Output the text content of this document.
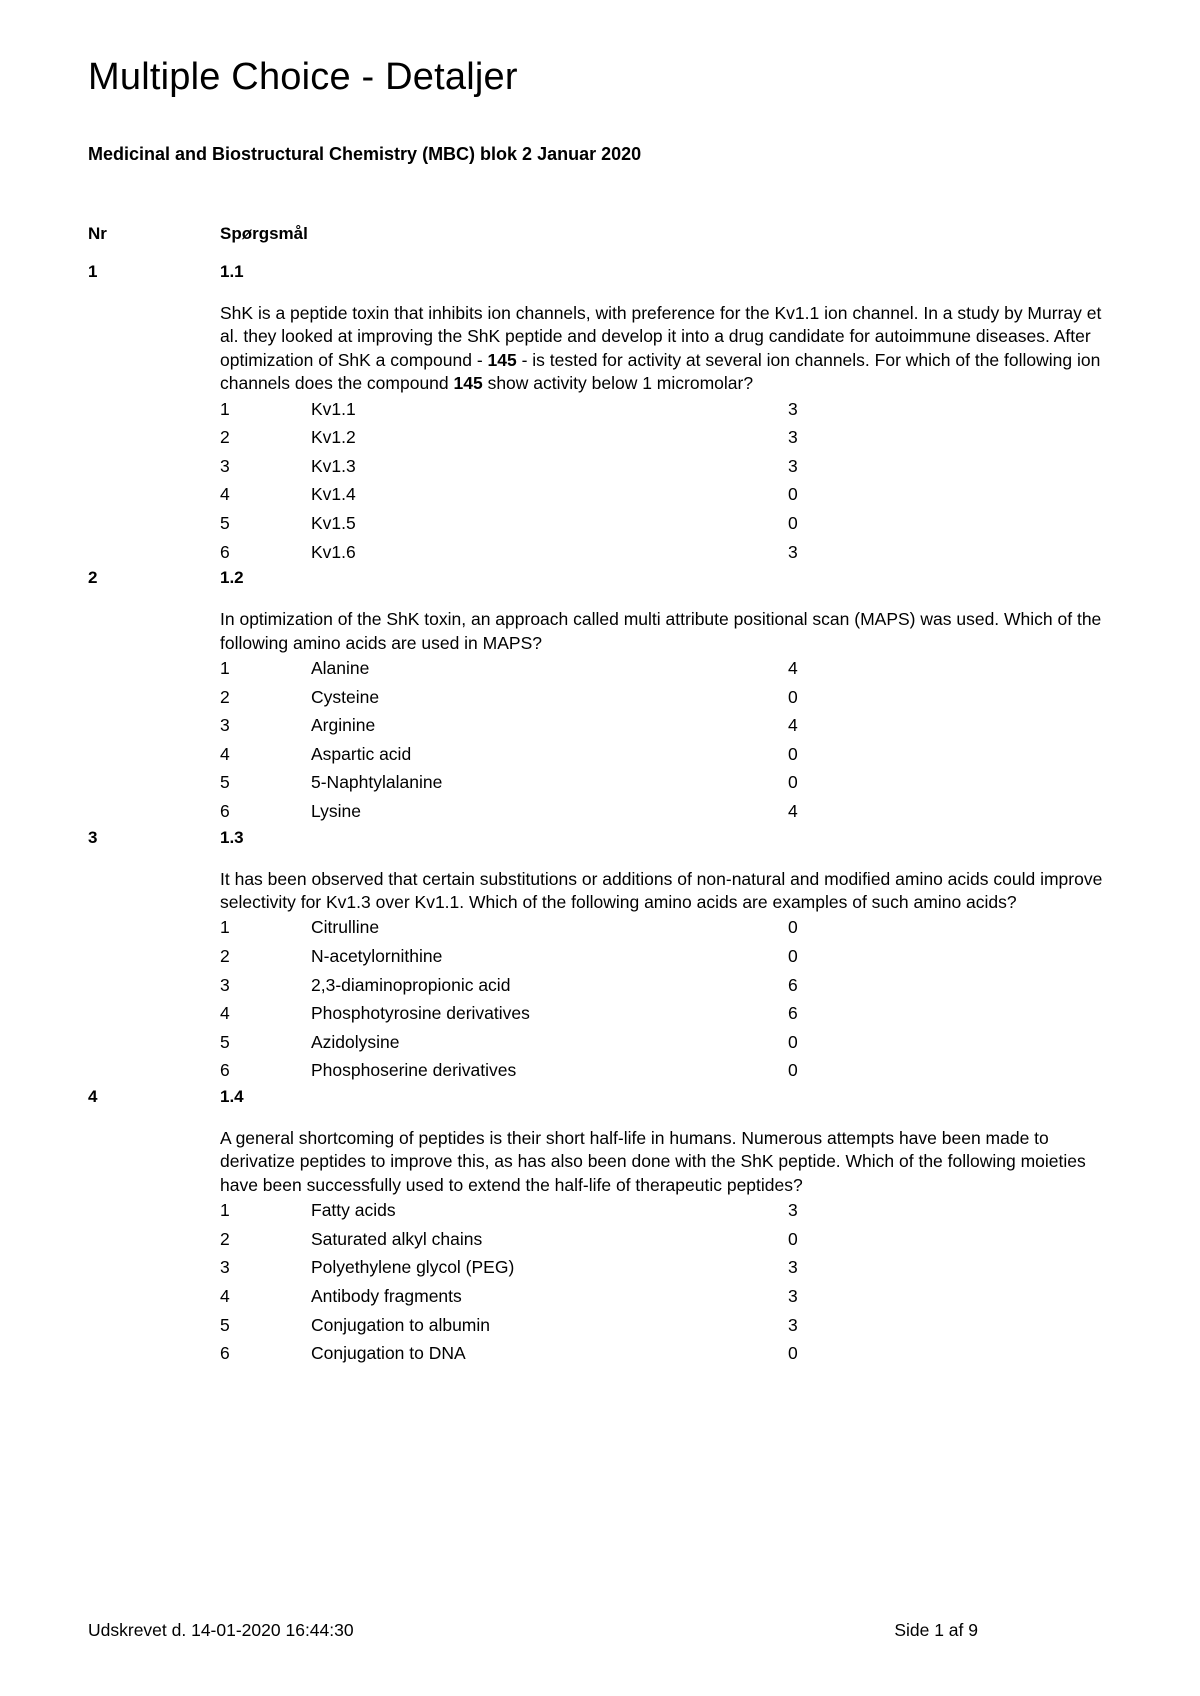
Multiple Choice - Detaljer
Medicinal and Biostructural Chemistry (MBC) blok 2 Januar 2020
Nr	Spørgsmål
1	1.1
ShK is a peptide toxin that inhibits ion channels, with preference for the Kv1.1 ion channel. In a study by Murray et al. they looked at improving the ShK peptide and develop it into a drug candidate for autoimmune diseases. After optimization of ShK a compound - 145 - is tested for activity at several ion channels. For which of the following ion channels does the compound 145 show activity below 1 micromolar?
1	Kv1.1	3
2	Kv1.2	3
3	Kv1.3	3
4	Kv1.4	0
5	Kv1.5	0
6	Kv1.6	3
2	1.2
In optimization of the ShK toxin, an approach called multi attribute positional scan (MAPS) was used. Which of the following amino acids are used in MAPS?
1	Alanine	4
2	Cysteine	0
3	Arginine	4
4	Aspartic acid	0
5	5-Naphtylalanine	0
6	Lysine	4
3	1.3
It has been observed that certain substitutions or additions of non-natural and modified amino acids could improve selectivity for Kv1.3 over Kv1.1. Which of the following amino acids are examples of such amino acids?
1	Citrulline	0
2	N-acetylornithine	0
3	2,3-diaminopropionic acid	6
4	Phosphotyrosine derivatives	6
5	Azidolysine	0
6	Phosphoserine derivatives	0
4	1.4
A general shortcoming of peptides is their short half-life in humans. Numerous attempts have been made to derivatize peptides to improve this, as has also been done with the ShK peptide. Which of the following moieties have been successfully used to extend the half-life of therapeutic peptides?
1	Fatty acids	3
2	Saturated alkyl chains	0
3	Polyethylene glycol (PEG)	3
4	Antibody fragments	3
5	Conjugation to albumin	3
6	Conjugation to DNA	0
Udskrevet d. 14-01-2020 16:44:30	Side 1 af 9
